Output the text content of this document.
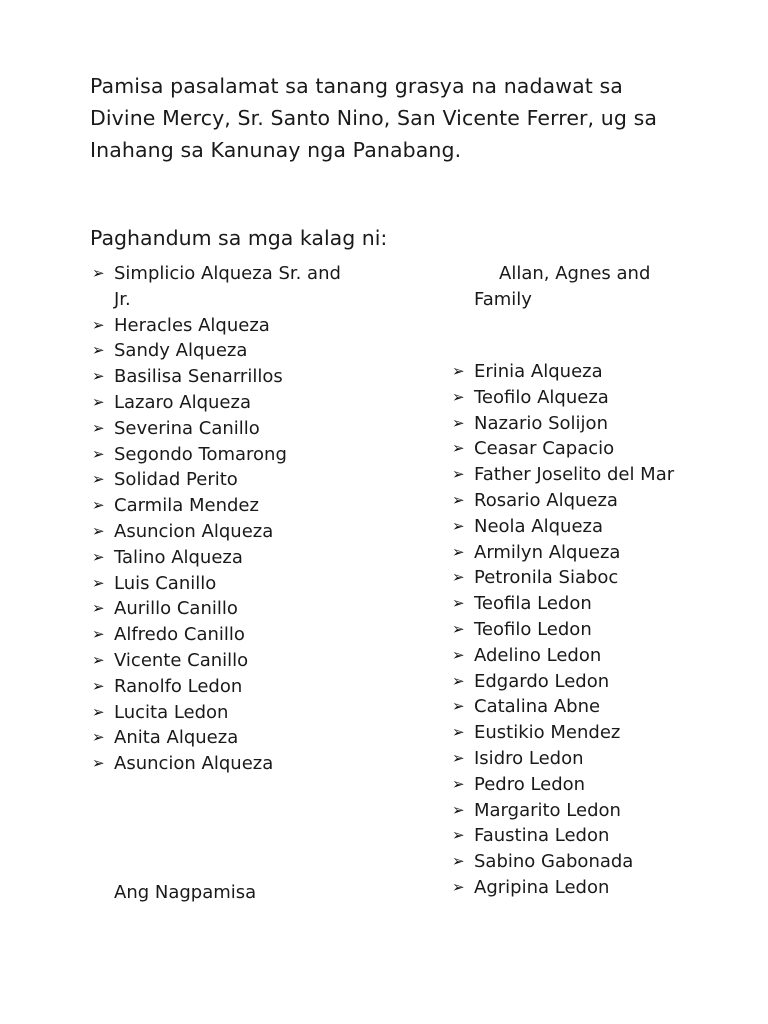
Pamisa pasalamat sa tanang grasya na nadawat sa Divine Mercy, Sr. Santo Nino, San Vicente Ferrer, ug sa Inahang sa Kanunay nga Panabang.

Paghandum sa mga kalag ni:

➢ Simplicio Alqueza Sr. and Jr.
➢ Heracles Alqueza
➢ Sandy Alqueza
➢ Basilisa Senarrillos
➢ Lazaro Alqueza
➢ Severina Canillo
➢ Segondo Tomarong
➢ Solidad Perito
➢ Carmila Mendez
➢ Asuncion Alqueza
➢ Talino Alqueza
➢ Luis Canillo
➢ Aurillo Canillo
➢ Alfredo Canillo
➢ Vicente Canillo
➢ Ranolfo Ledon
➢ Lucita Ledon
➢ Anita Alqueza
➢ Asuncion Alqueza

Allan, Agnes and Family

➢ Erinia Alqueza
➢ Teofilo Alqueza
➢ Nazario Solijon
➢ Ceasar Capacio
➢ Father Joselito del Mar
➢ Rosario Alqueza
➢ Neola Alqueza
➢ Armilyn Alqueza
➢ Petronila Siaboc
➢ Teofila Ledon
➢ Teofilo Ledon
➢ Adelino Ledon
➢ Edgardo Ledon
➢ Catalina Abne
➢ Eustikio Mendez
➢ Isidro Ledon
➢ Pedro Ledon
➢ Margarito Ledon
➢ Faustina Ledon
➢ Sabino Gabonada
➢ Agripina Ledon

Ang Nagpamisa
